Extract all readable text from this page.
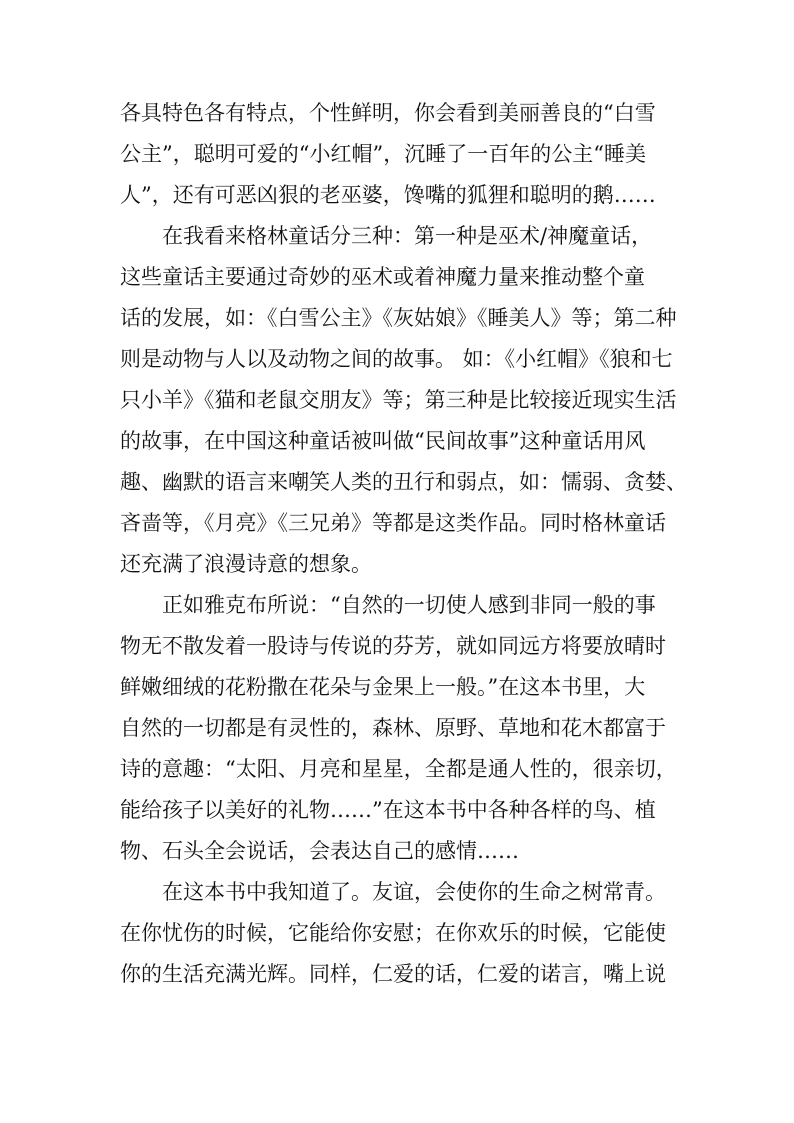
各具特色各有特点，个性鲜明，你会看到美丽善良的“白雪
公主”，聪明可爱的“小红帽”，沉睡了一百年的公主“睡美
人”，还有可恶凶狠的老巫婆，馋嘴的狐狸和聪明的鹅……
在我看来格林童话分三种：第一种是巫术/神魔童话，
这些童话主要通过奇妙的巫术或着神魔力量来推动整个童
话的发展，如：《白雪公主》《灰姑娘》《睡美人》等；第二种
则是动物与人以及动物之间的故事。 如：《小红帽》《狼和七
只小羊》《猫和老鼠交朋友》等；第三种是比较接近现实生活
的故事，在中国这种童话被叫做“民间故事”这种童话用风
趣、幽默的语言来嘲笑人类的丑行和弱点，如：懦弱、贪婪、
吝啬等，《月亮》《三兄弟》等都是这类作品。同时格林童话
还充满了浪漫诗意的想象。
正如雅克布所说：“自然的一切使人感到非同一般的事
物无不散发着一股诗与传说的芬芳，就如同远方将要放晴时
鲜嫩细绒的花粉撒在花朵与金果上一般。”在这本书里，大
自然的一切都是有灵性的，森林、原野、草地和花木都富于
诗的意趣：“太阳、月亮和星星，全都是通人性的，很亲切，
能给孩子以美好的礼物……”在这本书中各种各样的鸟、植
物、石头全会说话，会表达自己的感情……
在这本书中我知道了。友谊，会使你的生命之树常青。
在你忧伤的时候，它能给你安慰；在你欢乐的时候，它能使
你的生活充满光辉。同样，仁爱的话，仁爱的诺言，嘴上说
